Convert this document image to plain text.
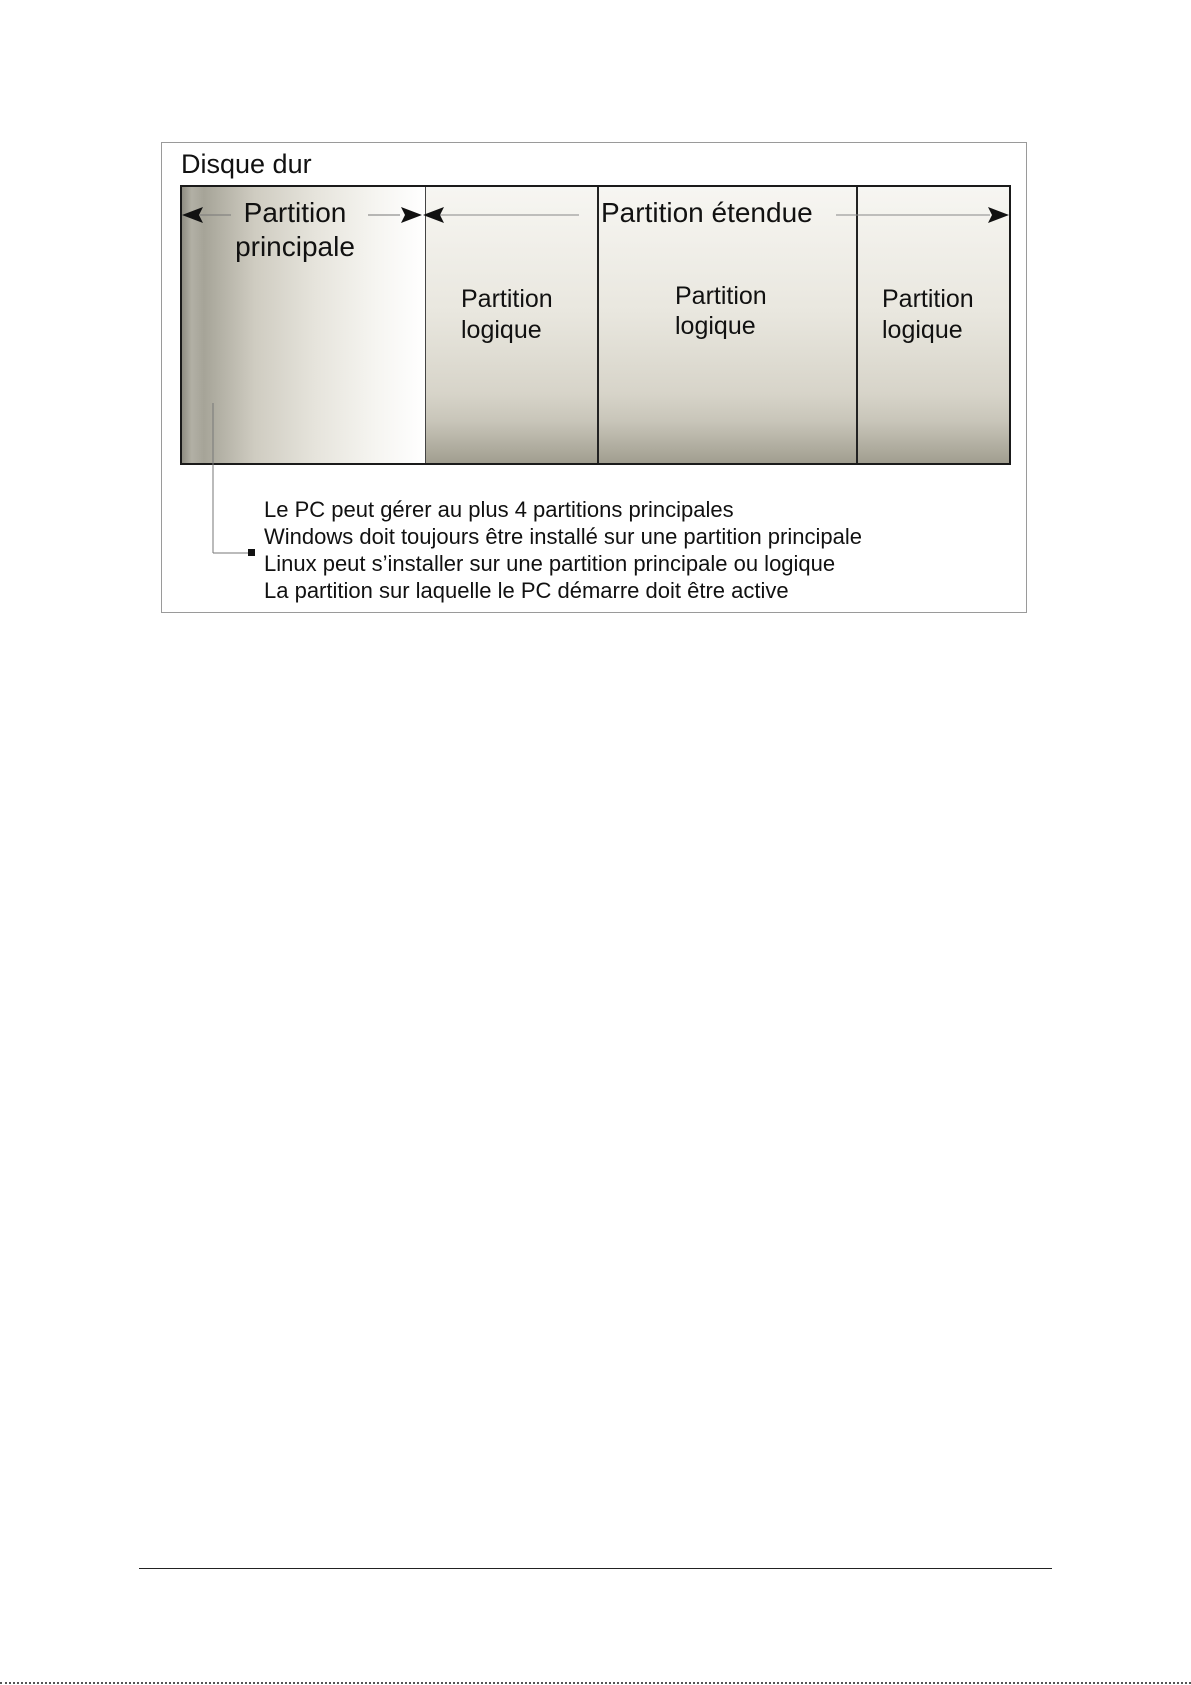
Disque dur
Partition
principale
Partition étendue
Partition
logique
Partition
logique
Partition
logique
Le PC peut gérer au plus 4 partitions principales
Windows doit toujours être installé sur une partition principale
Linux peut s’installer sur une partition principale ou logique
La partition sur laquelle le PC démarre doit être active
